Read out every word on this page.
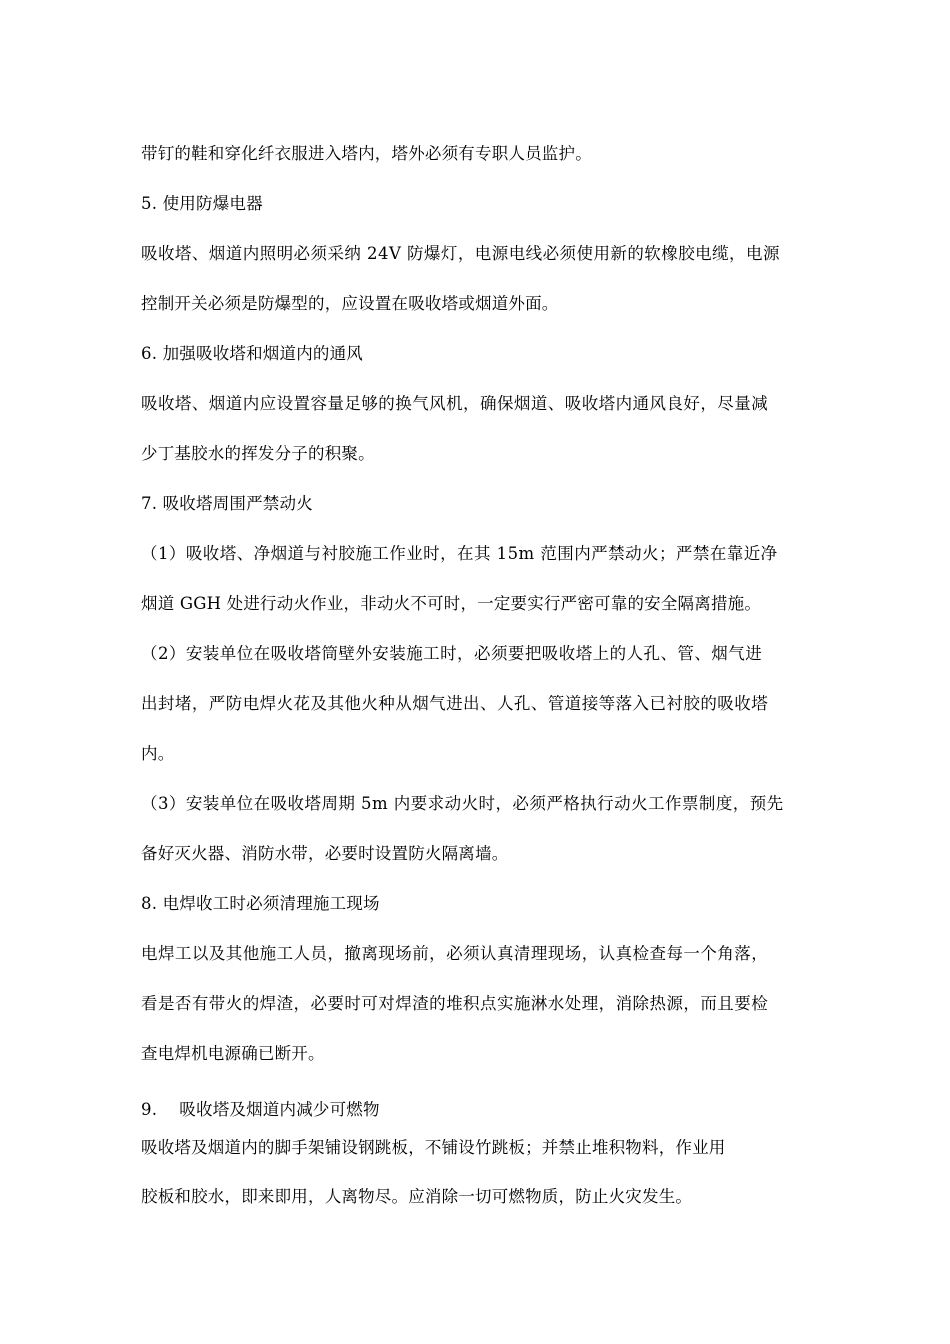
带钉的鞋和穿化纤衣服进入塔内，塔外必须有专职人员监护。
5. 使用防爆电器
吸收塔、烟道内照明必须采纳 24V 防爆灯，电源电线必须使用新的软橡胶电缆，电源
控制开关必须是防爆型的，应设置在吸收塔或烟道外面。
6. 加强吸收塔和烟道内的通风
吸收塔、烟道内应设置容量足够的换气风机，确保烟道、吸收塔内通风良好，尽量减
少丁基胶水的挥发分子的积聚。
7. 吸收塔周围严禁动火
（1）吸收塔、净烟道与衬胶施工作业时，在其 15m 范围内严禁动火；严禁在靠近净
烟道 GGH 处进行动火作业，非动火不可时，一定要实行严密可靠的安全隔离措施。
（2）安装单位在吸收塔筒壁外安装施工时，必须要把吸收塔上的人孔、管、烟气进
出封堵，严防电焊火花及其他火种从烟气进出、人孔、管道接等落入已衬胶的吸收塔
内。
（3）安装单位在吸收塔周期 5m 内要求动火时，必须严格执行动火工作票制度，预先
备好灭火器、消防水带，必要时设置防火隔离墙。
8. 电焊收工时必须清理施工现场
电焊工以及其他施工人员，撤离现场前，必须认真清理现场，认真检查每一个角落，
看是否有带火的焊渣，必要时可对焊渣的堆积点实施淋水处理，消除热源，而且要检
查电焊机电源确已断开。
9.　 吸收塔及烟道内减少可燃物
吸收塔及烟道内的脚手架铺设钢跳板，不铺设竹跳板；并禁止堆积物料，作业用
胶板和胶水，即来即用，人离物尽。应消除一切可燃物质，防止火灾发生。
